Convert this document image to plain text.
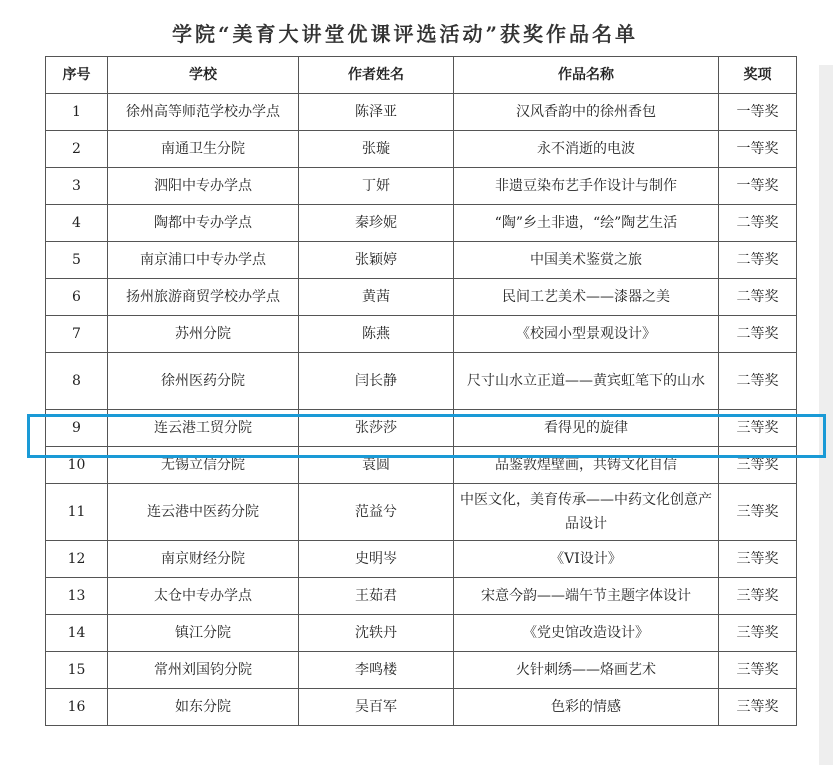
学院“美育大讲堂优课评选活动”获奖作品名单
序号	学校	作者姓名	作品名称	奖项
1	徐州高等师范学校办学点	陈泽亚	汉风香韵中的徐州香包	一等奖
2	南通卫生分院	张璇	永不消逝的电波	一等奖
3	泗阳中专办学点	丁妍	非遗豆染布艺手作设计与制作	一等奖
4	陶都中专办学点	秦珍妮	“陶”乡土非遗，“绘”陶艺生活	二等奖
5	南京浦口中专办学点	张颖婷	中国美术鉴赏之旅	二等奖
6	扬州旅游商贸学校办学点	黄茜	民间工艺美术——漆器之美	二等奖
7	苏州分院	陈燕	《校园小型景观设计》	二等奖
8	徐州医药分院	闫长静	尺寸山水立正道——黄宾虹笔下的山水	二等奖
9	连云港工贸分院	张莎莎	看得见的旋律	三等奖
10	无锡立信分院	袁圆	品鉴敦煌壁画，共铸文化自信	三等奖
11	连云港中医药分院	范益兮	中医文化，美育传承——中药文化创意产品设计	三等奖
12	南京财经分院	史明岑	《VI设计》	三等奖
13	太仓中专办学点	王茹君	宋意今韵——端午节主题字体设计	三等奖
14	镇江分院	沈轶丹	《党史馆改造设计》	三等奖
15	常州刘国钧分院	李鸣楼	火针刺绣——烙画艺术	三等奖
16	如东分院	吴百军	色彩的情感	三等奖
